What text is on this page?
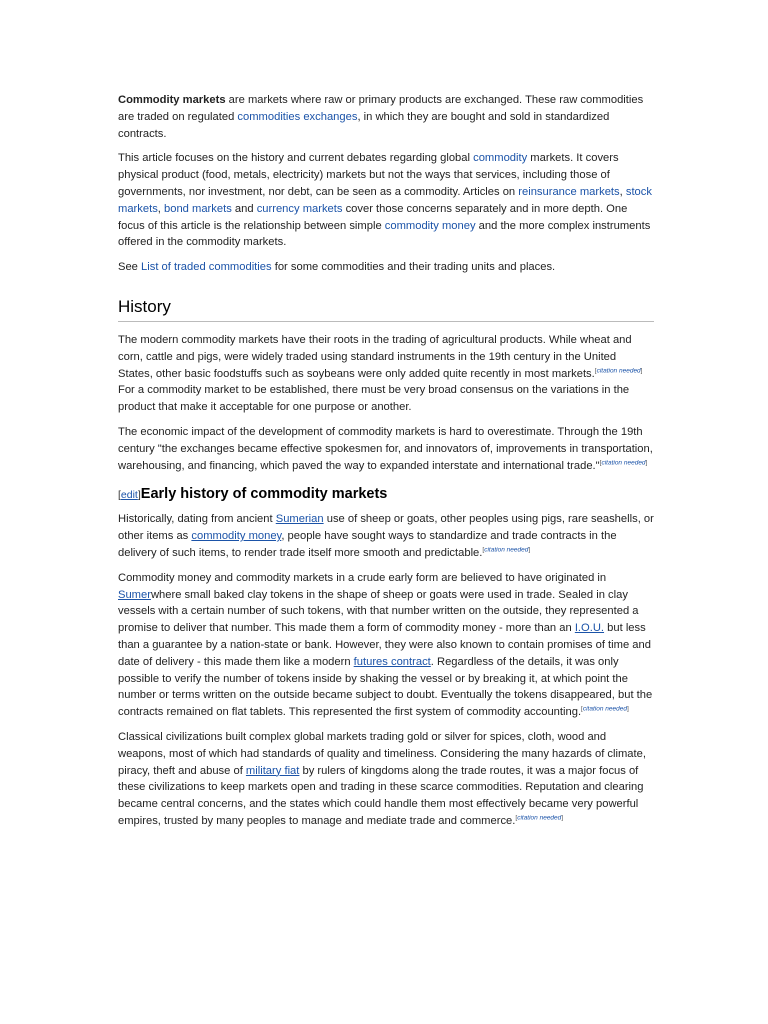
Commodity markets are markets where raw or primary products are exchanged. These raw commodities are traded on regulated commodities exchanges, in which they are bought and sold in standardized contracts.

This article focuses on the history and current debates regarding global commodity markets. It covers physical product (food, metals, electricity) markets but not the ways that services, including those of governments, nor investment, nor debt, can be seen as a commodity. Articles on reinsurance markets, stock markets, bond markets and currency markets cover those concerns separately and in more depth. One focus of this article is the relationship between simple commodity money and the more complex instruments offered in the commodity markets.

See List of traded commodities for some commodities and their trading units and places.

History

The modern commodity markets have their roots in the trading of agricultural products. While wheat and corn, cattle and pigs, were widely traded using standard instruments in the 19th century in the United States, other basic foodstuffs such as soybeans were only added quite recently in most markets.[citation needed] For a commodity market to be established, there must be very broad consensus on the variations in the product that make it acceptable for one purpose or another.

The economic impact of the development of commodity markets is hard to overestimate. Through the 19th century "the exchanges became effective spokesmen for, and innovators of, improvements in transportation, warehousing, and financing, which paved the way to expanded interstate and international trade."[citation needed]

[edit]Early history of commodity markets

Historically, dating from ancient Sumerian use of sheep or goats, other peoples using pigs, rare seashells, or other items as commodity money, people have sought ways to standardize and trade contracts in the delivery of such items, to render trade itself more smooth and predictable.[citation needed]

Commodity money and commodity markets in a crude early form are believed to have originated in Sumerwhere small baked clay tokens in the shape of sheep or goats were used in trade. Sealed in clay vessels with a certain number of such tokens, with that number written on the outside, they represented a promise to deliver that number. This made them a form of commodity money - more than an I.O.U. but less than a guarantee by a nation-state or bank. However, they were also known to contain promises of time and date of delivery - this made them like a modern futures contract. Regardless of the details, it was only possible to verify the number of tokens inside by shaking the vessel or by breaking it, at which point the number or terms written on the outside became subject to doubt. Eventually the tokens disappeared, but the contracts remained on flat tablets. This represented the first system of commodity accounting.[citation needed]

Classical civilizations built complex global markets trading gold or silver for spices, cloth, wood and weapons, most of which had standards of quality and timeliness. Considering the many hazards of climate, piracy, theft and abuse of military fiat by rulers of kingdoms along the trade routes, it was a major focus of these civilizations to keep markets open and trading in these scarce commodities. Reputation and clearing became central concerns, and the states which could handle them most effectively became very powerful empires, trusted by many peoples to manage and mediate trade and commerce.[citation needed]
